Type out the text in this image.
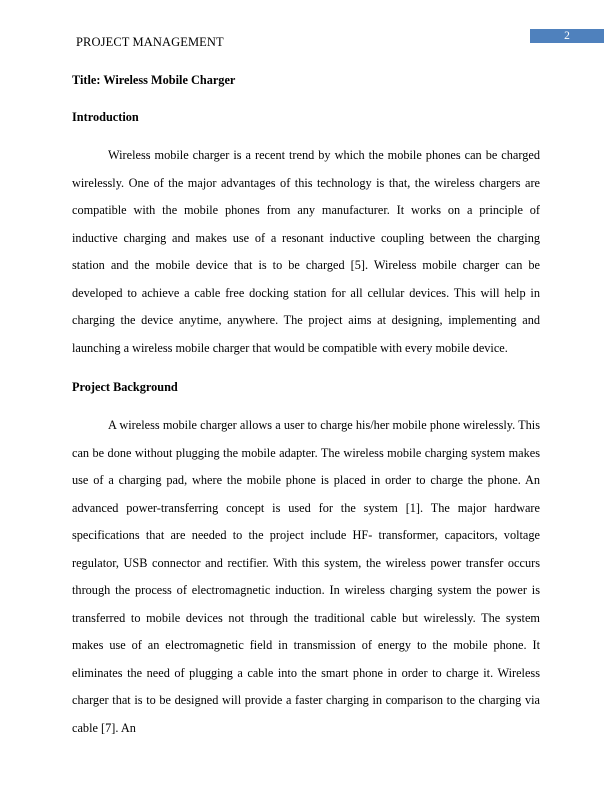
PROJECT MANAGEMENT	2

Title: Wireless Mobile Charger

Introduction

Wireless mobile charger is a recent trend by which the mobile phones can be charged wirelessly. One of the major advantages of this technology is that, the wireless chargers are compatible with the mobile phones from any manufacturer. It works on a principle of inductive charging and makes use of a resonant inductive coupling between the charging station and the mobile device that is to be charged [5]. Wireless mobile charger can be developed to achieve a cable free docking station for all cellular devices. This will help in charging the device anytime, anywhere. The project aims at designing, implementing and launching a wireless mobile charger that would be compatible with every mobile device.

Project Background

A wireless mobile charger allows a user to charge his/her mobile phone wirelessly. This can be done without plugging the mobile adapter. The wireless mobile charging system makes use of a charging pad, where the mobile phone is placed in order to charge the phone. An advanced power-transferring concept is used for the system [1]. The major hardware specifications that are needed to the project include HF- transformer, capacitors, voltage regulator, USB connector and rectifier. With this system, the wireless power transfer occurs through the process of electromagnetic induction. In wireless charging system the power is transferred to mobile devices not through the traditional cable but wirelessly. The system makes use of an electromagnetic field in transmission of energy to the mobile phone. It eliminates the need of plugging a cable into the smart phone in order to charge it. Wireless charger that is to be designed will provide a faster charging in comparison to the charging via cable [7]. An
